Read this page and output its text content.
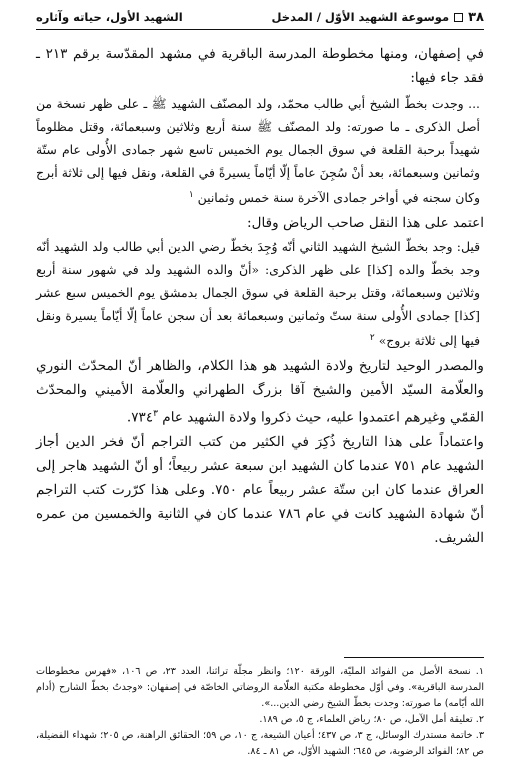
٣٨
موسوعة الشهيد الأوّل / المدخل
الشهيد الأول، حياته وآثاره

في إصفهان، ومنها مخطوطة المدرسة الباقرية في مشهد المقدّسة برقم ٢١٣ ـ فقد جاء فيها:

... وجدت بخطّ الشيخ أبي طالب محمّد، ولد المصنّف الشهيد ﷺ ـ على ظهر نسخة من أصل الذكرى ـ ما صورته: ولد المصنّف ﷺ سنة أربع وثلاثين وسبعمائة، وقتل مظلوماً شهيداً برحبة القلعة في سوق الجمال يوم الخميس تاسع شهر جمادى الأُولى عام ستّة وثمانين وسبعمائة، بعد أنْ سُجِنَ عاماً إلّا أيّاماً يسيرةً في القلعة، ونقل فيها إلى ثلاثة أبرج وكان سجنه في أواخر جمادى الآخرة سنة خمس وثمانين $^١$

اعتمد على هذا النقل صاحب الرياض وقال:

قيل: وجد بخطّ الشيخ الشهيد الثاني أنّه وُجِدَ بخطّ رضي الدين أبي طالب ولد الشهيد أنّه وجد بخطّ والده [كذا] على ظهر الذكرى: «أنّ والده الشهيد ولد في شهور سنة أربع وثلاثين وسبعمائة، وقتل برحبة القلعة في سوق الجمال بدمشق يوم الخميس سبع عشر [كذا] جمادى الأُولى سنة ستّ وثمانين وسبعمائة بعد أن سجن عاماً إلّا أيّاماً يسيرة ونقل فيها إلى ثلاثة بروج» $^٢$

والمصدر الوحيد لتاريخ ولادة الشهيد هو هذا الكلام، والظاهر أنّ المحدّث النوري والعلّامة السيّد الأمين والشيخ آقا بزرگ الطهراني والعلّامة الأميني والمحدّث القمّي وغيرهم اعتمدوا عليه، حيث ذكروا ولادة الشهيد عام ٧٣٤$^٣$.

واعتماداً على هذا التاريخ ذُكِرَ في الكثير من كتب التراجم أنّ فخر الدين أجاز الشهيد عام ٧٥١ عندما كان الشهيد ابن سبعة عشر ربيعاً؛ أو أنّ الشهيد هاجر إلى العراق عندما كان ابن ستّة عشر ربيعاً عام ٧٥٠. وعلى هذا كرّرت كتب التراجم أنّ شهادة الشهيد كانت في عام ٧٨٦ عندما كان في الثانية والخمسين من عمره الشريف.

١. نسخة الأصل من الفوائد المليّة، الورقة ١٢٠؛ وانظر مجلّة تراثنا، العدد ٢٣، ص ١٠٦، «فهرس مخطوطات المدرسة الباقرية». وفي أوّل مخطوطة مكتبة العلّامة الروضاتي الخاصّة في إصفهان: «وجدتُ بخطّ الشارح (أدام الله أيّامه) ما صورته: وجدت بخطّ الشيخ رضي الدين...».

٢. تعليقة أمل الآمل، ص ٨٠؛ رياض العلماء، ج ٥، ص ١٨٩.

٣. خاتمة مستدرك الوسائل، ج ٣، ص ٤٣٧؛ أعيان الشيعة، ج ١٠، ص ٥٩؛ الحقائق الراهنة، ص ٢٠٥؛ شهداء الفضيلة، ص ٨٢؛ الفوائد الرضوية، ص ٦٤٥؛ الشهيد الأوّل، ص ٨١ ـ ٨٤.
